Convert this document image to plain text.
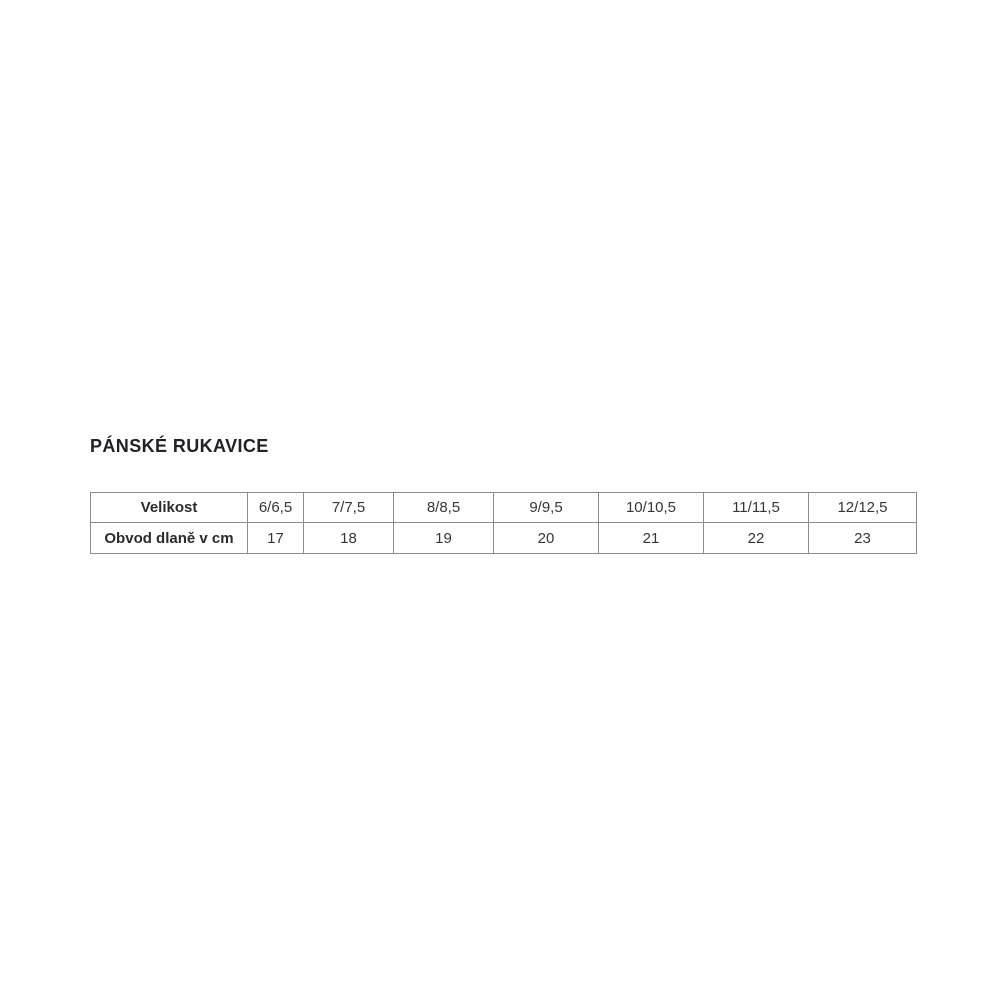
PÁNSKÉ RUKAVICE
Velikost	6/6,5	7/7,5	8/8,5	9/9,5	10/10,5	11/11,5	12/12,5
Obvod dlaně v cm	17	18	19	20	21	22	23
